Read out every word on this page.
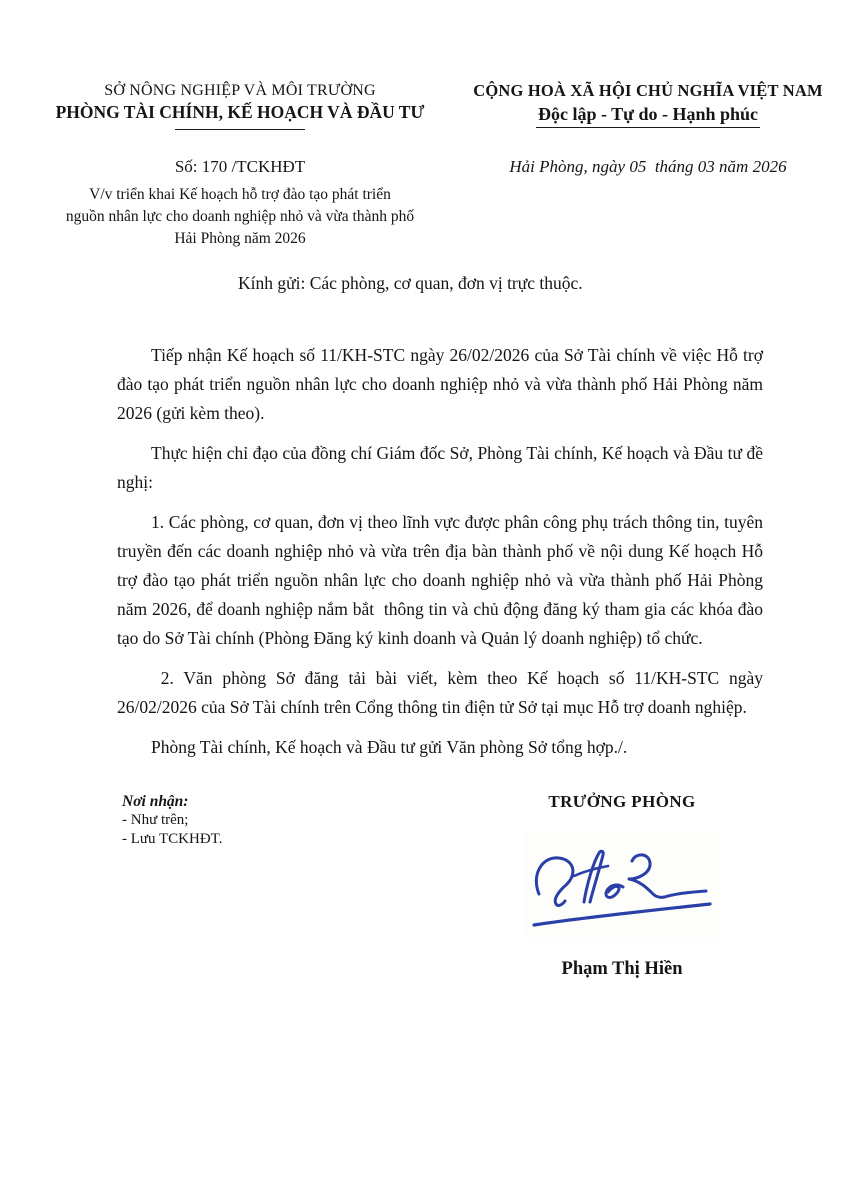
SỞ NÔNG NGHIỆP VÀ MÔI TRƯỜNG
PHÒNG TÀI CHÍNH, KẾ HOẠCH VÀ ĐẦU TƯ
CỘNG HOÀ XÃ HỘI CHỦ NGHĨA VIỆT NAM
Độc lập - Tự do - Hạnh phúc
Số: 170 /TCKHĐT
V/v triển khai Kế hoạch hỗ trợ đào tạo phát triển
nguồn nhân lực cho doanh nghiệp nhỏ và vừa thành phố
Hải Phòng năm 2026
Hải Phòng, ngày 05  tháng 03 năm 2026
Kính gửi: Các phòng, cơ quan, đơn vị trực thuộc.

Tiếp nhận Kế hoạch số 11/KH-STC ngày 26/02/2026 của Sở Tài chính về việc Hỗ trợ đào tạo phát triển nguồn nhân lực cho doanh nghiệp nhỏ và vừa thành phố Hải Phòng năm 2026 (gửi kèm theo).

Thực hiện chỉ đạo của đồng chí Giám đốc Sở, Phòng Tài chính, Kế hoạch và Đầu tư đề nghị:

1. Các phòng, cơ quan, đơn vị theo lĩnh vực được phân công phụ trách thông tin, tuyên truyền đến các doanh nghiệp nhỏ và vừa trên địa bàn thành phố về nội dung Kế hoạch Hỗ trợ đào tạo phát triển nguồn nhân lực cho doanh nghiệp nhỏ và vừa thành phố Hải Phòng năm 2026, để doanh nghiệp nắm bắt  thông tin và chủ động đăng ký tham gia các khóa đào tạo do Sở Tài chính (Phòng Đăng ký kinh doanh và Quản lý doanh nghiệp) tổ chức.

2. Văn phòng Sở đăng tải bài viết, kèm theo Kế hoạch số 11/KH-STC ngày 26/02/2026 của Sở Tài chính trên Cổng thông tin điện tử Sở tại mục Hỗ trợ doanh nghiệp.

Phòng Tài chính, Kế hoạch và Đầu tư gửi Văn phòng Sở tổng hợp./.

Nơi nhận:
- Như trên;
- Lưu TCKHĐT.
TRƯỞNG PHÒNG
Phạm Thị Hiền
